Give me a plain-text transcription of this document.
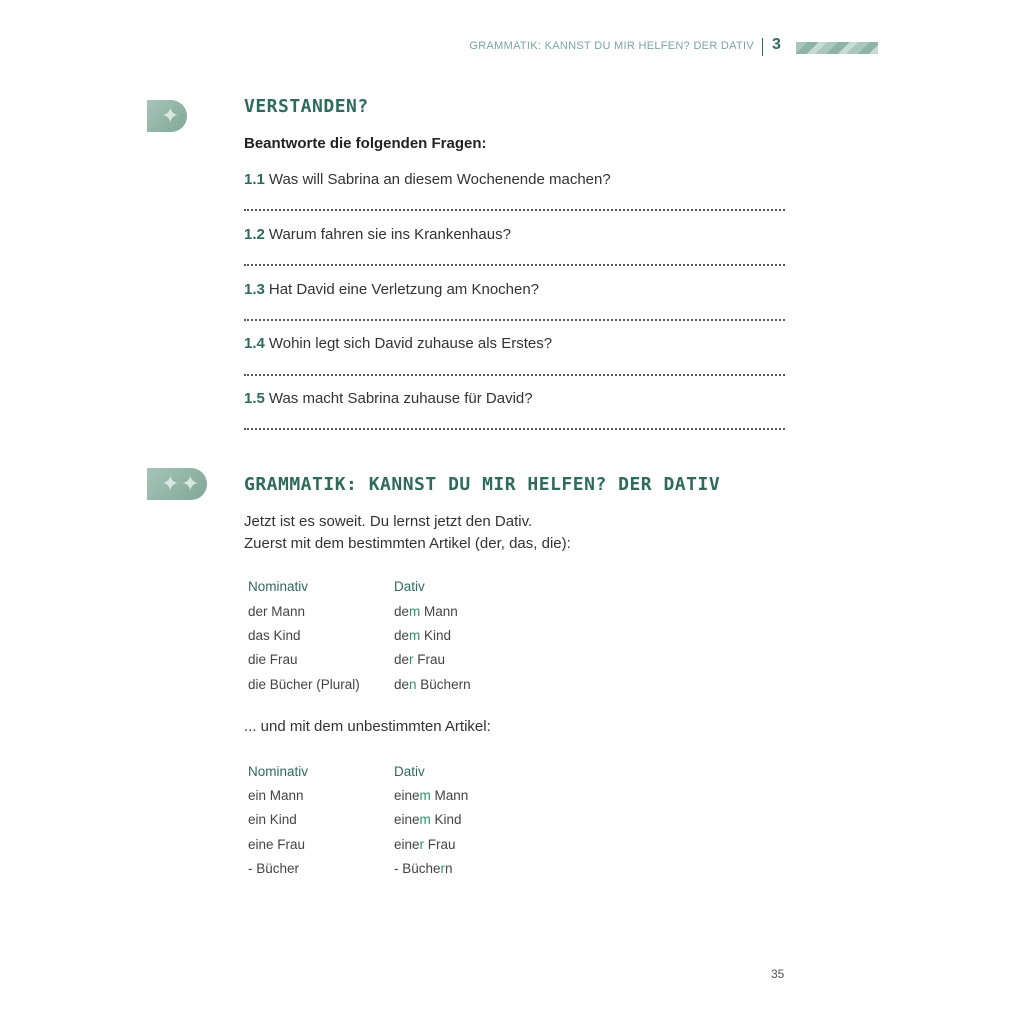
GRAMMATIK: KANNST DU MIR HELFEN? DER DATIV 3
✦	VERSTANDEN?
Beantworte die folgenden Fragen:
1.1 Was will Sabrina an diesem Wochenende machen?
1.2 Warum fahren sie ins Krankenhaus?
1.3 Hat David eine Verletzung am Knochen?
1.4 Wohin legt sich David zuhause als Erstes?
1.5 Was macht Sabrina zuhause für David?
✦ ✦ GRAMMATIK: KANNST DU MIR HELFEN? DER DATIV
Jetzt ist es soweit. Du lernst jetzt den Dativ.
Zuerst mit dem bestimmten Artikel (der, das, die):
Nominativ	Dativ
der Mann	dem Mann
das Kind	dem Kind
die Frau	der Frau
die Bücher (Plural)	den Büchern
... und mit dem unbestimmten Artikel:
Nominativ	Dativ
ein Mann	einem Mann
ein Kind	einem Kind
eine Frau	einer Frau
- Bücher	- Büchern
35
